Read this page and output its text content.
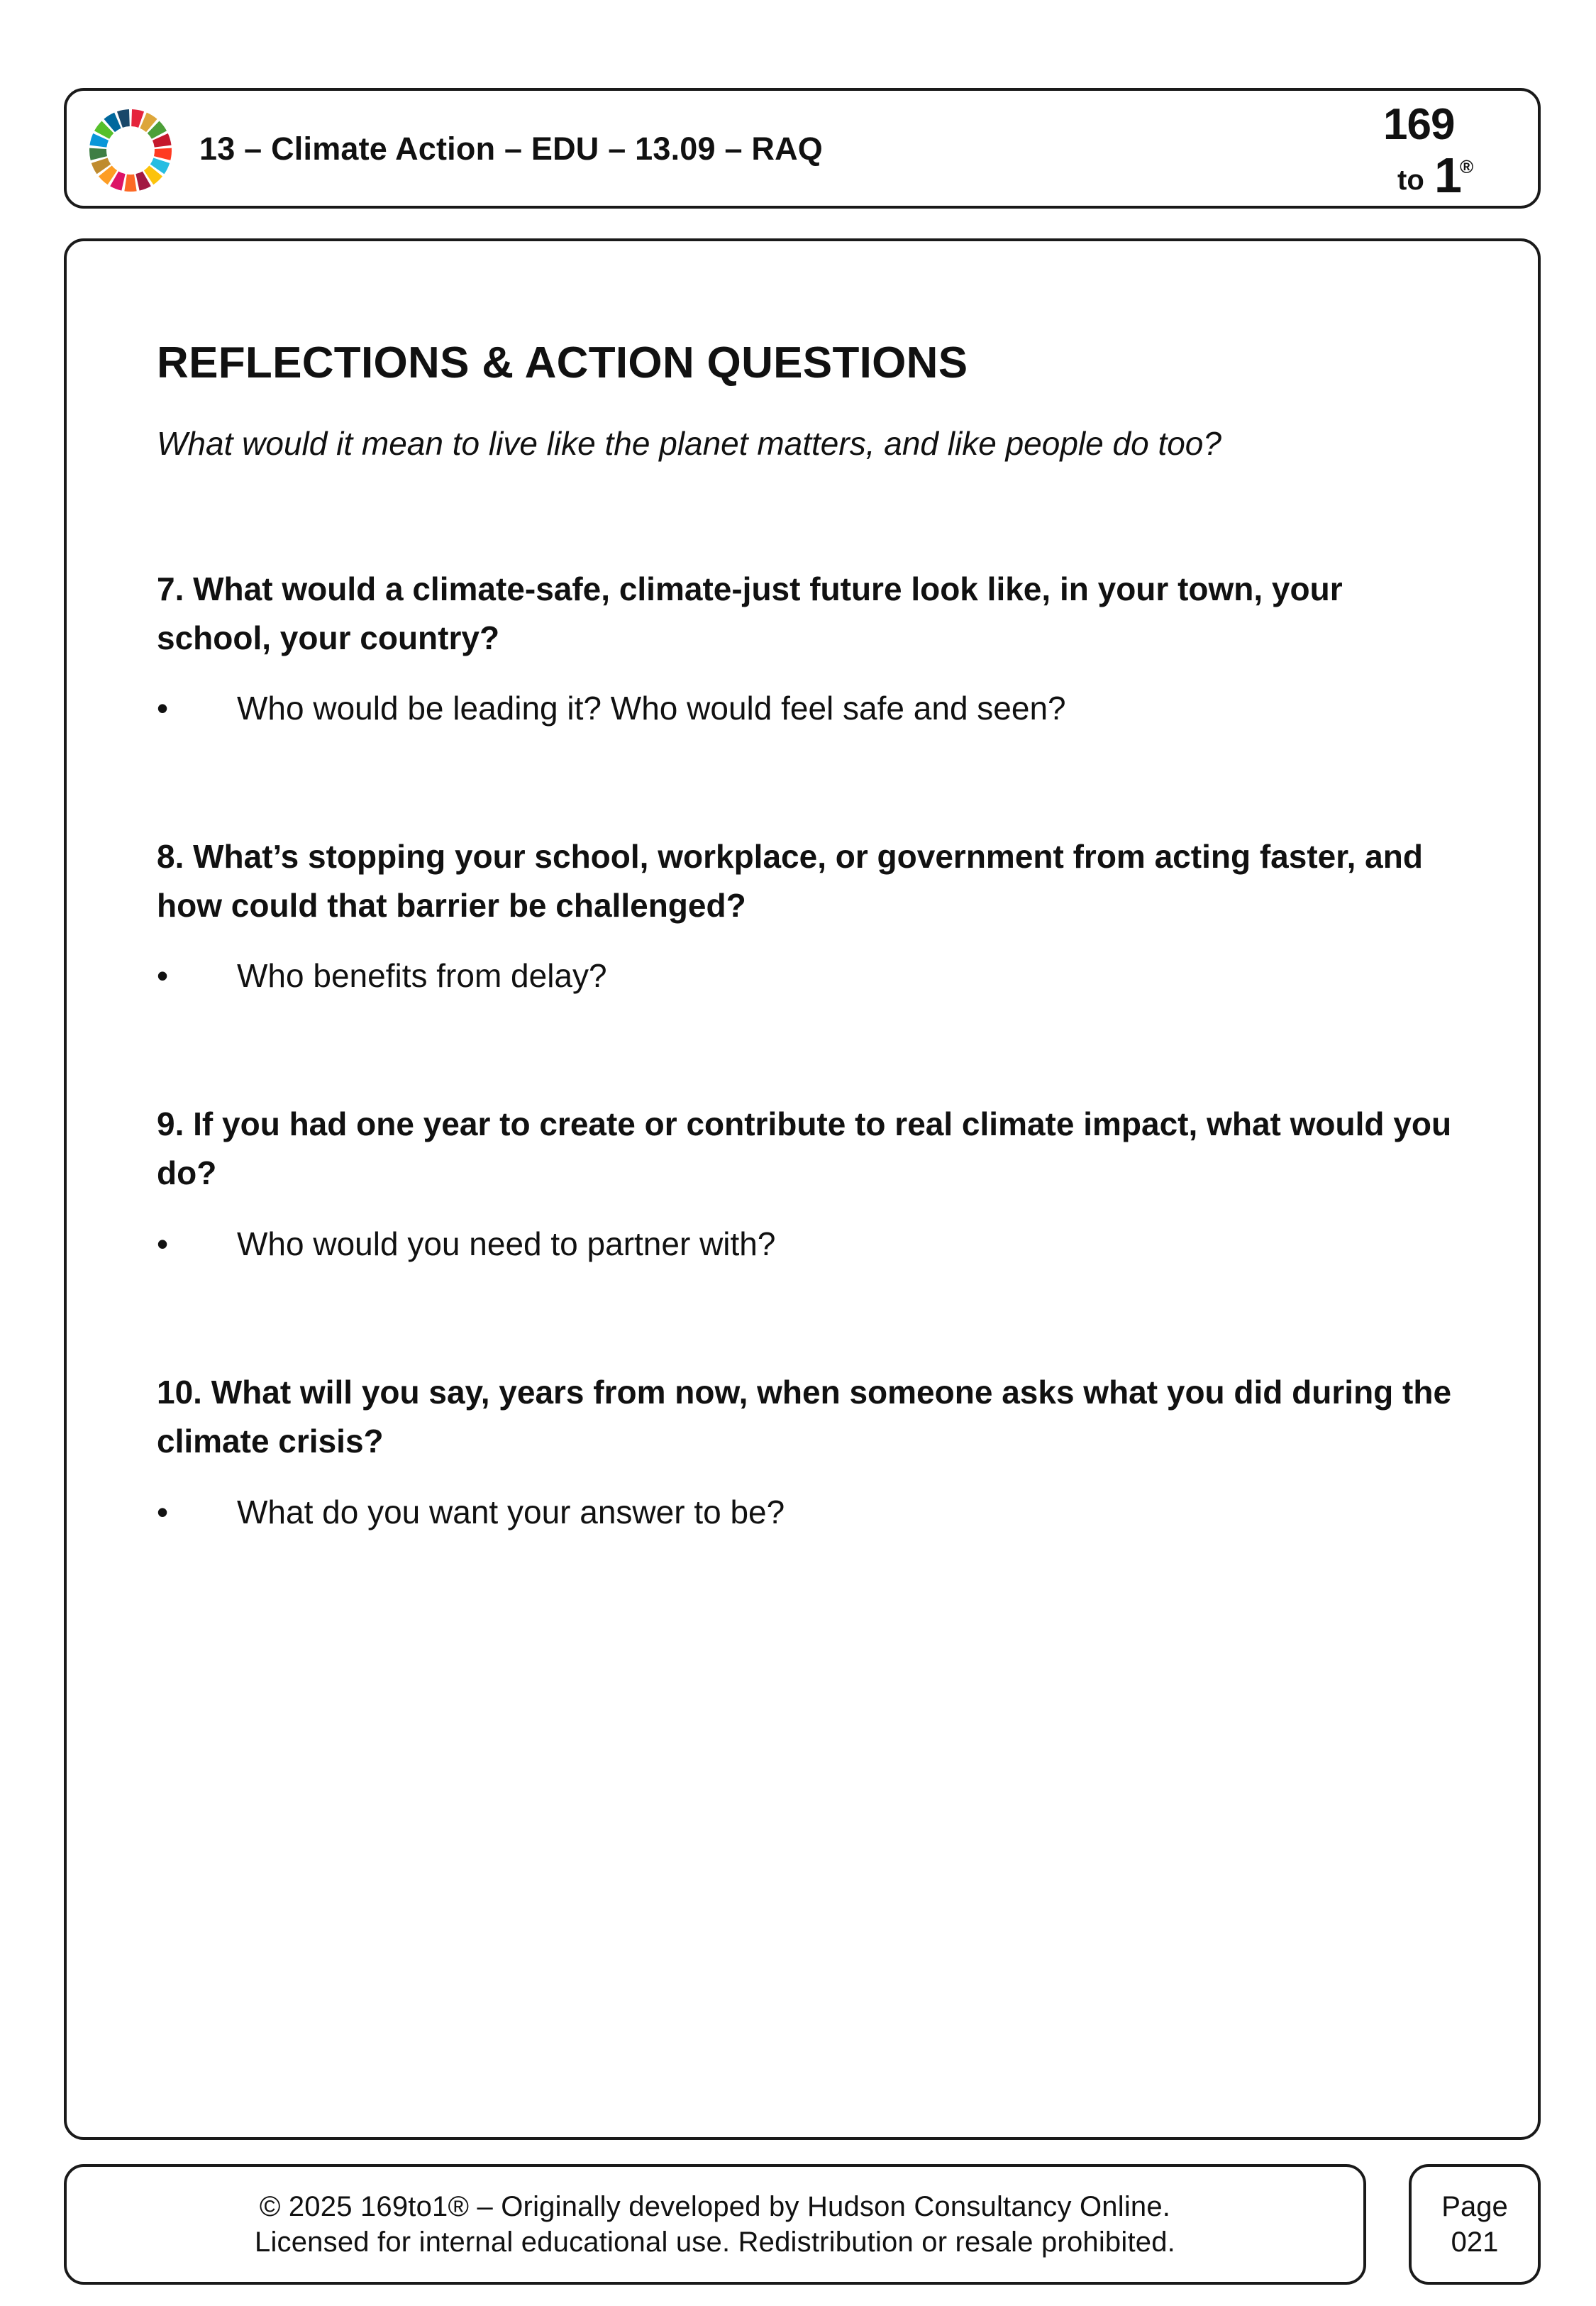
13 – Climate Action – EDU – 13.09 – RAQ	169
to 1
®
REFLECTIONS & ACTION QUESTIONS
What would it mean to live like the planet matters, and like people do too?
7. What would a climate-safe, climate-just future look like, in your town, your school, your country?
• Who would be leading it? Who would feel safe and seen?
8. What’s stopping your school, workplace, or government from acting faster, and how could that barrier be challenged?
• Who benefits from delay?
9. If you had one year to create or contribute to real climate impact, what would you do?
• Who would you need to partner with?
10. What will you say, years from now, when someone asks what you did during the climate crisis?
• What do you want your answer to be?
© 2025 169to1® – Originally developed by Hudson Consultancy Online.
Licensed for internal educational use. Redistribution or resale prohibited.
Page
021
